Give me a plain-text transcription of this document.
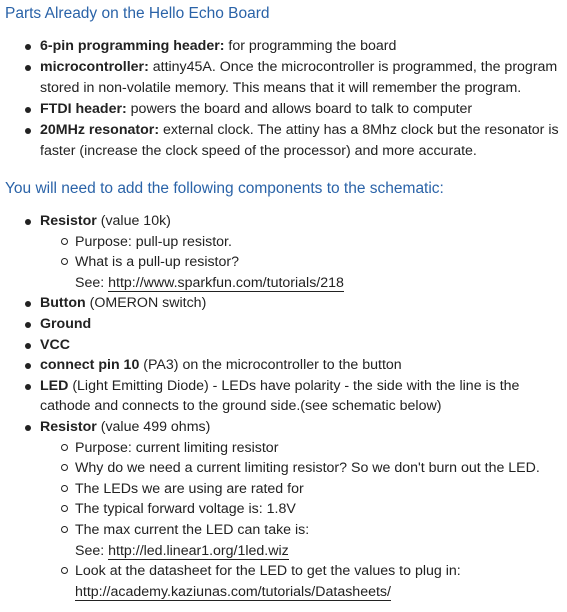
Parts Already on the Hello Echo Board
6-pin programming header: for programming the board
microcontroller: attiny45A. Once the microcontroller is programmed, the program stored in non-volatile memory. This means that it will remember the program.
FTDI header: powers the board and allows board to talk to computer
20MHz resonator: external clock. The attiny has a 8Mhz clock but the resonator is faster (increase the clock speed of the processor) and more accurate.
You will need to add the following components to the schematic:
Resistor (value 10k)
Purpose: pull-up resistor.
What is a pull-up resistor?
See: http://www.sparkfun.com/tutorials/218
Button (OMERON switch)
Ground
VCC
connect pin 10 (PA3) on the microcontroller to the button
LED (Light Emitting Diode) - LEDs have polarity - the side with the line is the cathode and connects to the ground side.(see schematic below)
Resistor (value 499 ohms)
Purpose: current limiting resistor
Why do we need a current limiting resistor? So we don't burn out the LED.
The LEDs we are using are rated for
The typical forward voltage is: 1.8V
The max current the LED can take is:
See: http://led.linear1.org/1led.wiz
Look at the datasheet for the LED to get the values to plug in:
http://academy.kaziunas.com/tutorials/Datasheets/
